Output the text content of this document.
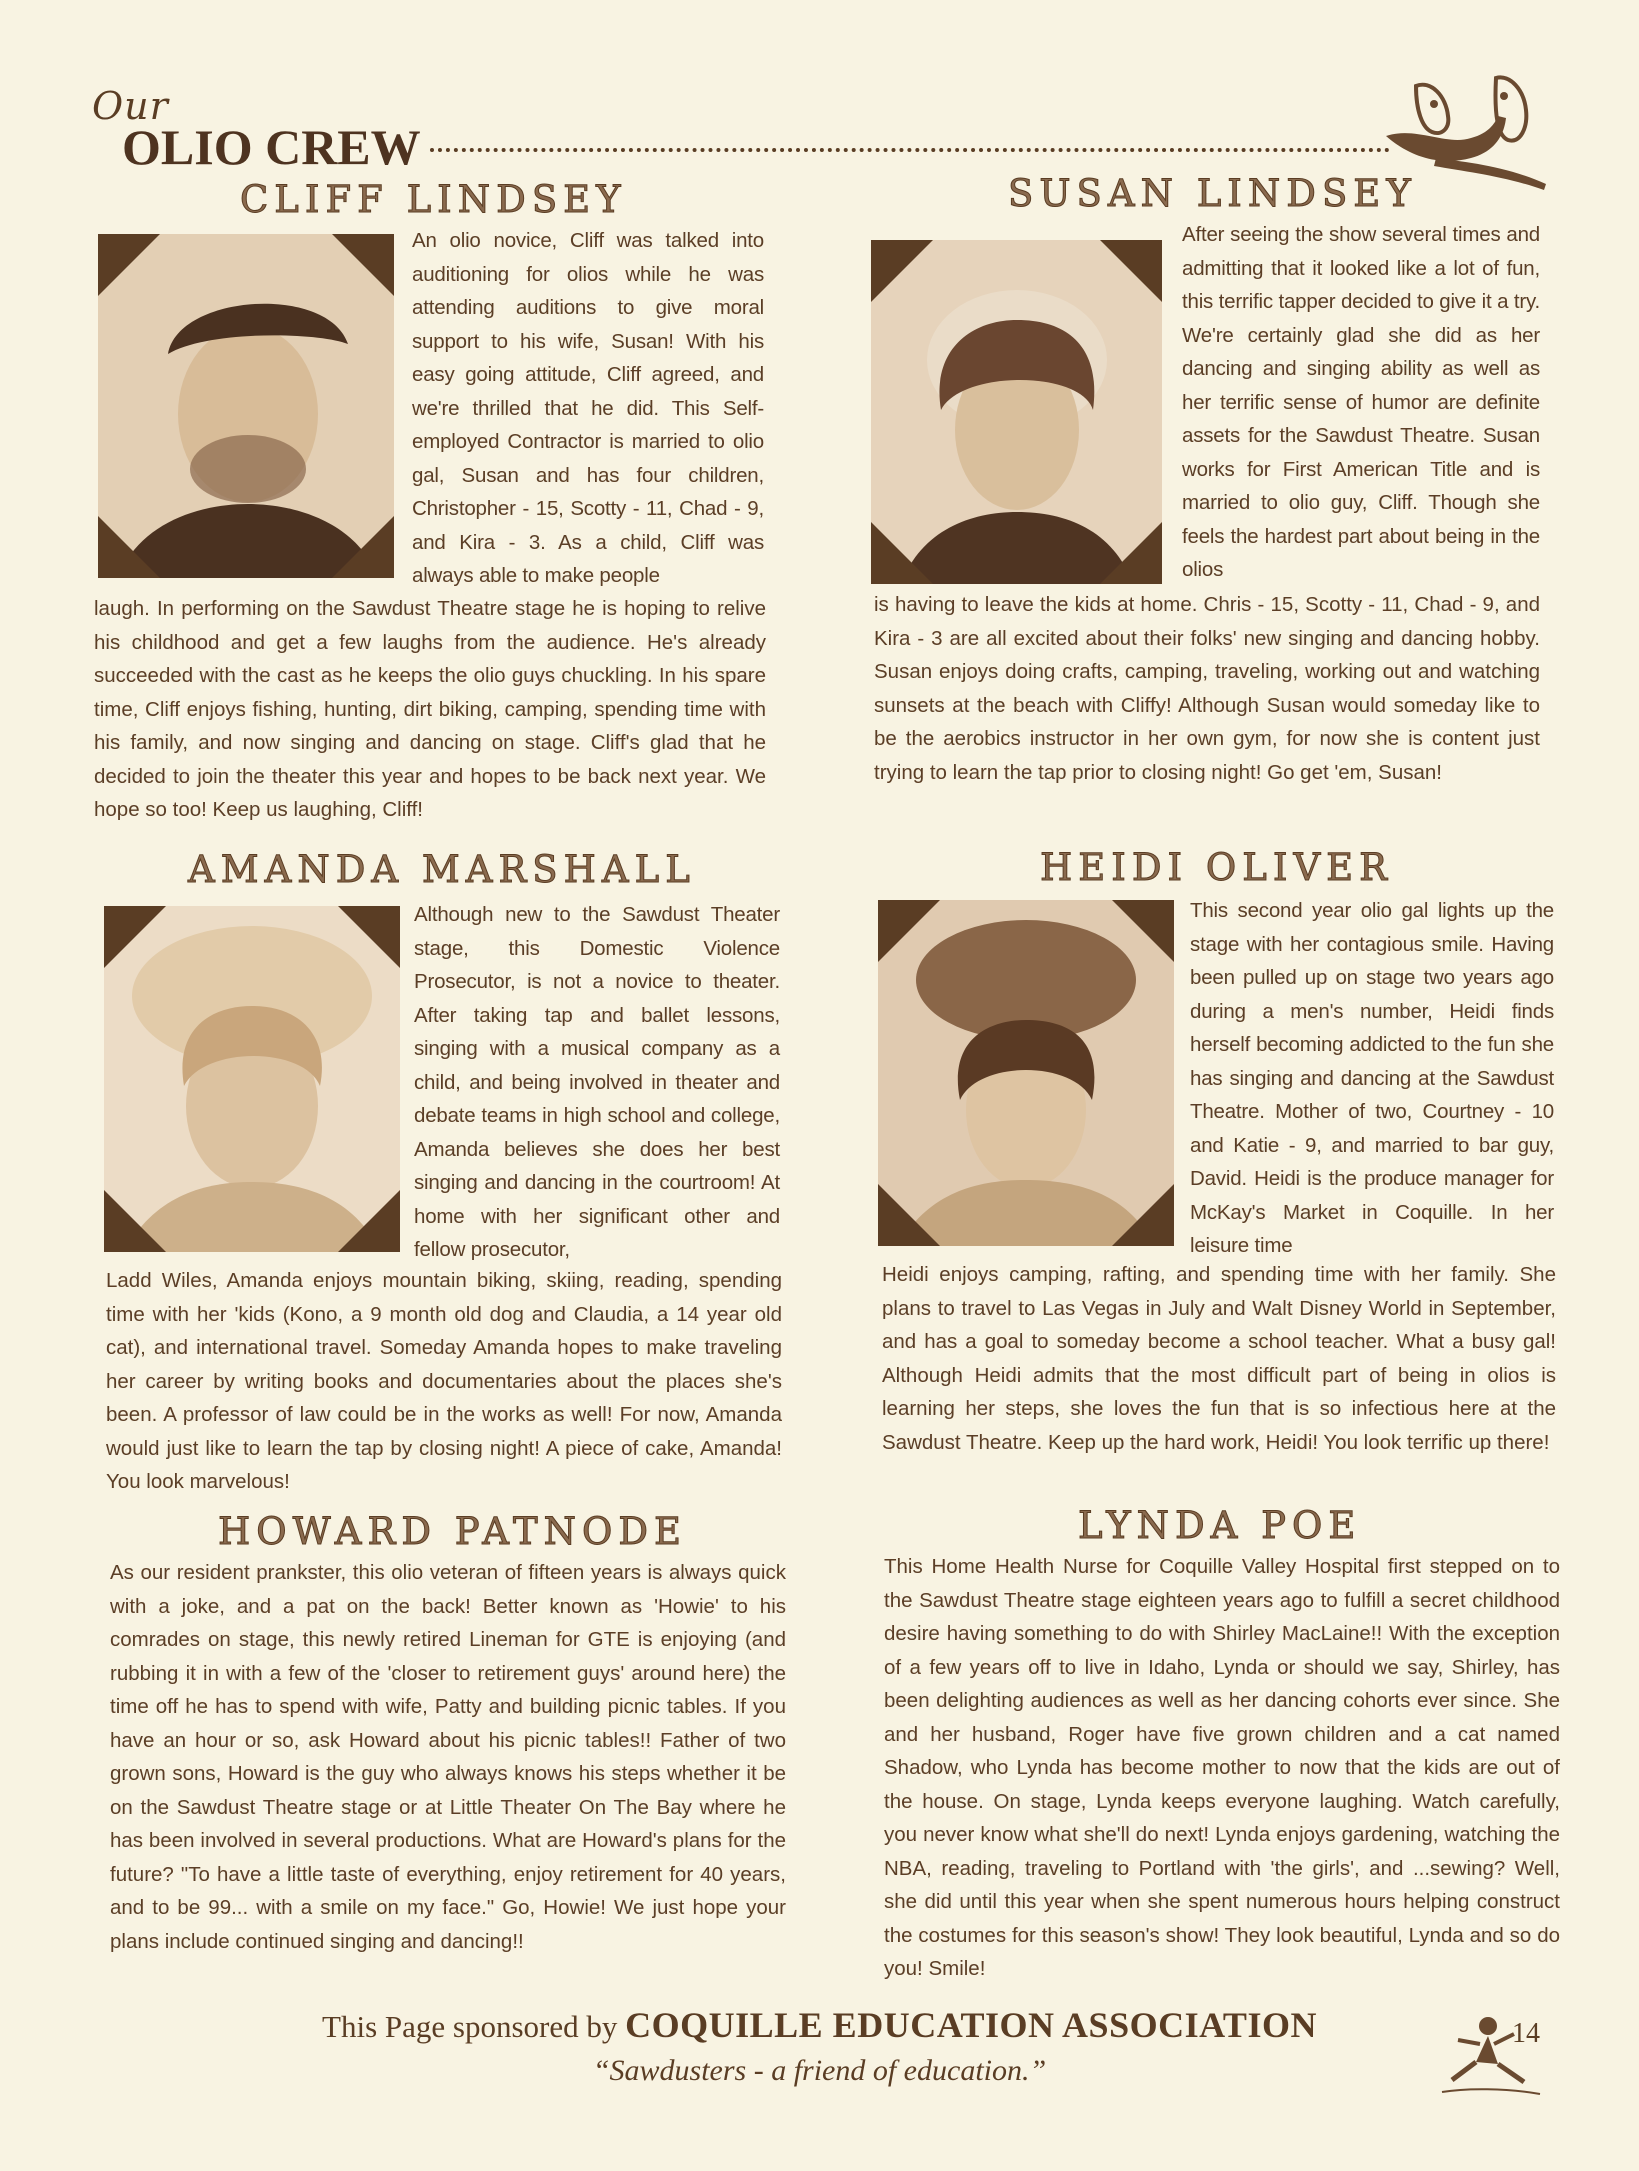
Our
OLIO CREW
CLIFF LINDSEY

An olio novice, Cliff was talked into auditioning for olios while he was attending auditions to give moral support to his wife, Susan! With his easy going attitude, Cliff agreed, and we're thrilled that he did. This Self-employed Contractor is married to olio gal, Susan and has four children, Christopher - 15, Scotty - 11, Chad - 9, and Kira - 3. As a child, Cliff was always able to make people

laugh. In performing on the Sawdust Theatre stage he is hoping to relive his childhood and get a few laughs from the audience. He's already succeeded with the cast as he keeps the olio guys chuckling. In his spare time, Cliff enjoys fishing, hunting, dirt biking, camping, spending time with his family, and now singing and dancing on stage. Cliff's glad that he decided to join the theater this year and hopes to be back next year. We hope so too! Keep us laughing, Cliff!

SUSAN LINDSEY

After seeing the show several times and admitting that it looked like a lot of fun, this terrific tapper decided to give it a try. We're certainly glad she did as her dancing and singing ability as well as her terrific sense of humor are definite assets for the Sawdust Theatre. Susan works for First American Title and is married to olio guy, Cliff. Though she feels the hardest part about being in the olios

is having to leave the kids at home. Chris - 15, Scotty - 11, Chad - 9, and Kira - 3 are all excited about their folks' new singing and dancing hobby. Susan enjoys doing crafts, camping, traveling, working out and watching sunsets at the beach with Cliffy! Although Susan would someday like to be the aerobics instructor in her own gym, for now she is content just trying to learn the tap prior to closing night! Go get 'em, Susan!

AMANDA MARSHALL

Although new to the Sawdust Theater stage, this Domestic Violence Prosecutor, is not a novice to theater. After taking tap and ballet lessons, singing with a musical company as a child, and being involved in theater and debate teams in high school and college, Amanda believes she does her best singing and dancing in the courtroom! At home with her significant other and fellow prosecutor,

Ladd Wiles, Amanda enjoys mountain biking, skiing, reading, spending time with her 'kids (Kono, a 9 month old dog and Claudia, a 14 year old cat), and international travel. Someday Amanda hopes to make traveling her career by writing books and documentaries about the places she's been. A professor of law could be in the works as well! For now, Amanda would just like to learn the tap by closing night! A piece of cake, Amanda! You look marvelous!

HEIDI OLIVER

This second year olio gal lights up the stage with her contagious smile. Having been pulled up on stage two years ago during a men's number, Heidi finds herself becoming addicted to the fun she has singing and dancing at the Sawdust Theatre. Mother of two, Courtney - 10 and Katie - 9, and married to bar guy, David. Heidi is the produce manager for McKay's Market in Coquille. In her leisure time

Heidi enjoys camping, rafting, and spending time with her family. She plans to travel to Las Vegas in July and Walt Disney World in September, and has a goal to someday become a school teacher. What a busy gal! Although Heidi admits that the most difficult part of being in olios is learning her steps, she loves the fun that is so infectious here at the Sawdust Theatre. Keep up the hard work, Heidi! You look terrific up there!

HOWARD PATNODE

As our resident prankster, this olio veteran of fifteen years is always quick with a joke, and a pat on the back! Better known as 'Howie' to his comrades on stage, this newly retired Lineman for GTE is enjoying (and rubbing it in with a few of the 'closer to retirement guys' around here) the time off he has to spend with wife, Patty and building picnic tables. If you have an hour or so, ask Howard about his picnic tables!! Father of two grown sons, Howard is the guy who always knows his steps whether it be on the Sawdust Theatre stage or at Little Theater On The Bay where he has been involved in several productions. What are Howard's plans for the future? "To have a little taste of everything, enjoy retirement for 40 years, and to be 99... with a smile on my face." Go, Howie! We just hope your plans include continued singing and dancing!!

LYNDA POE

This Home Health Nurse for Coquille Valley Hospital first stepped on to the Sawdust Theatre stage eighteen years ago to fulfill a secret childhood desire having something to do with Shirley MacLaine!! With the exception of a few years off to live in Idaho, Lynda or should we say, Shirley, has been delighting audiences as well as her dancing cohorts ever since. She and her husband, Roger have five grown children and a cat named Shadow, who Lynda has become mother to now that the kids are out of the house. On stage, Lynda keeps everyone laughing. Watch carefully, you never know what she'll do next! Lynda enjoys gardening, watching the NBA, reading, traveling to Portland with 'the girls', and ...sewing? Well, she did until this year when she spent numerous hours helping construct the costumes for this season's show! They look beautiful, Lynda and so do you! Smile!

This Page sponsored by COQUILLE EDUCATION ASSOCIATION
“Sawdusters - a friend of education.”
14
